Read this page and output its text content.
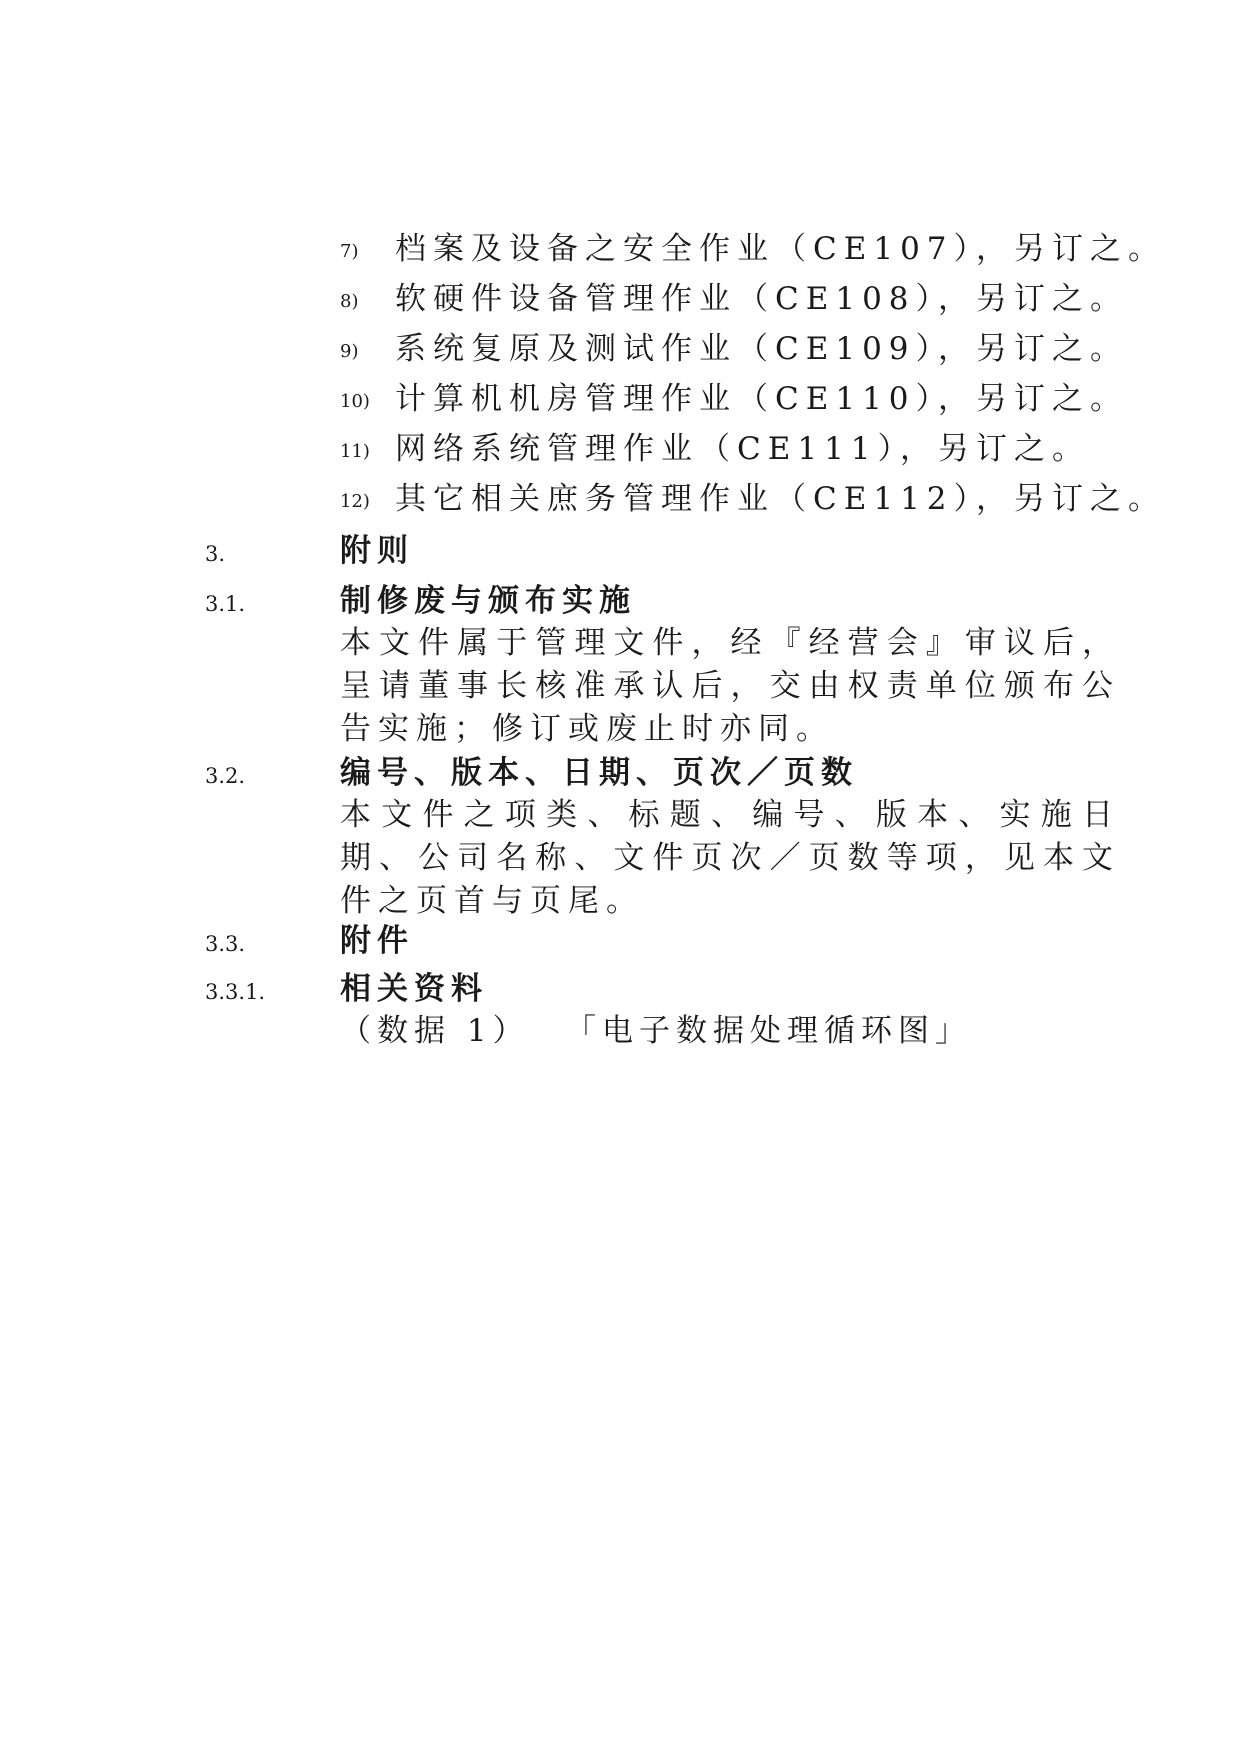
7) 档案及设备之安全作业（CE107），另订之。
8) 软硬件设备管理作业（CE108），另订之。
9) 系统复原及测试作业（CE109），另订之。
10) 计算机机房管理作业（CE110），另订之。
11) 网络系统管理作业（CE111），另订之。
12) 其它相关庶务管理作业（CE112），另订之。
3.	附则
3.1.	制修废与颁布实施
本文件属于管理文件，经『经营会』审议后，呈请董事长核准承认后，交由权责单位颁布公告实施；修订或废止时亦同。
3.2.	编号、版本、日期、页次／页数
本文件之项类、标题、编号、版本、实施日期、公司名称、文件页次／页数等项，见本文件之页首与页尾。
3.3.	附件
3.3.1. 相关资料
（数据 1） 「电子数据处理循环图」
